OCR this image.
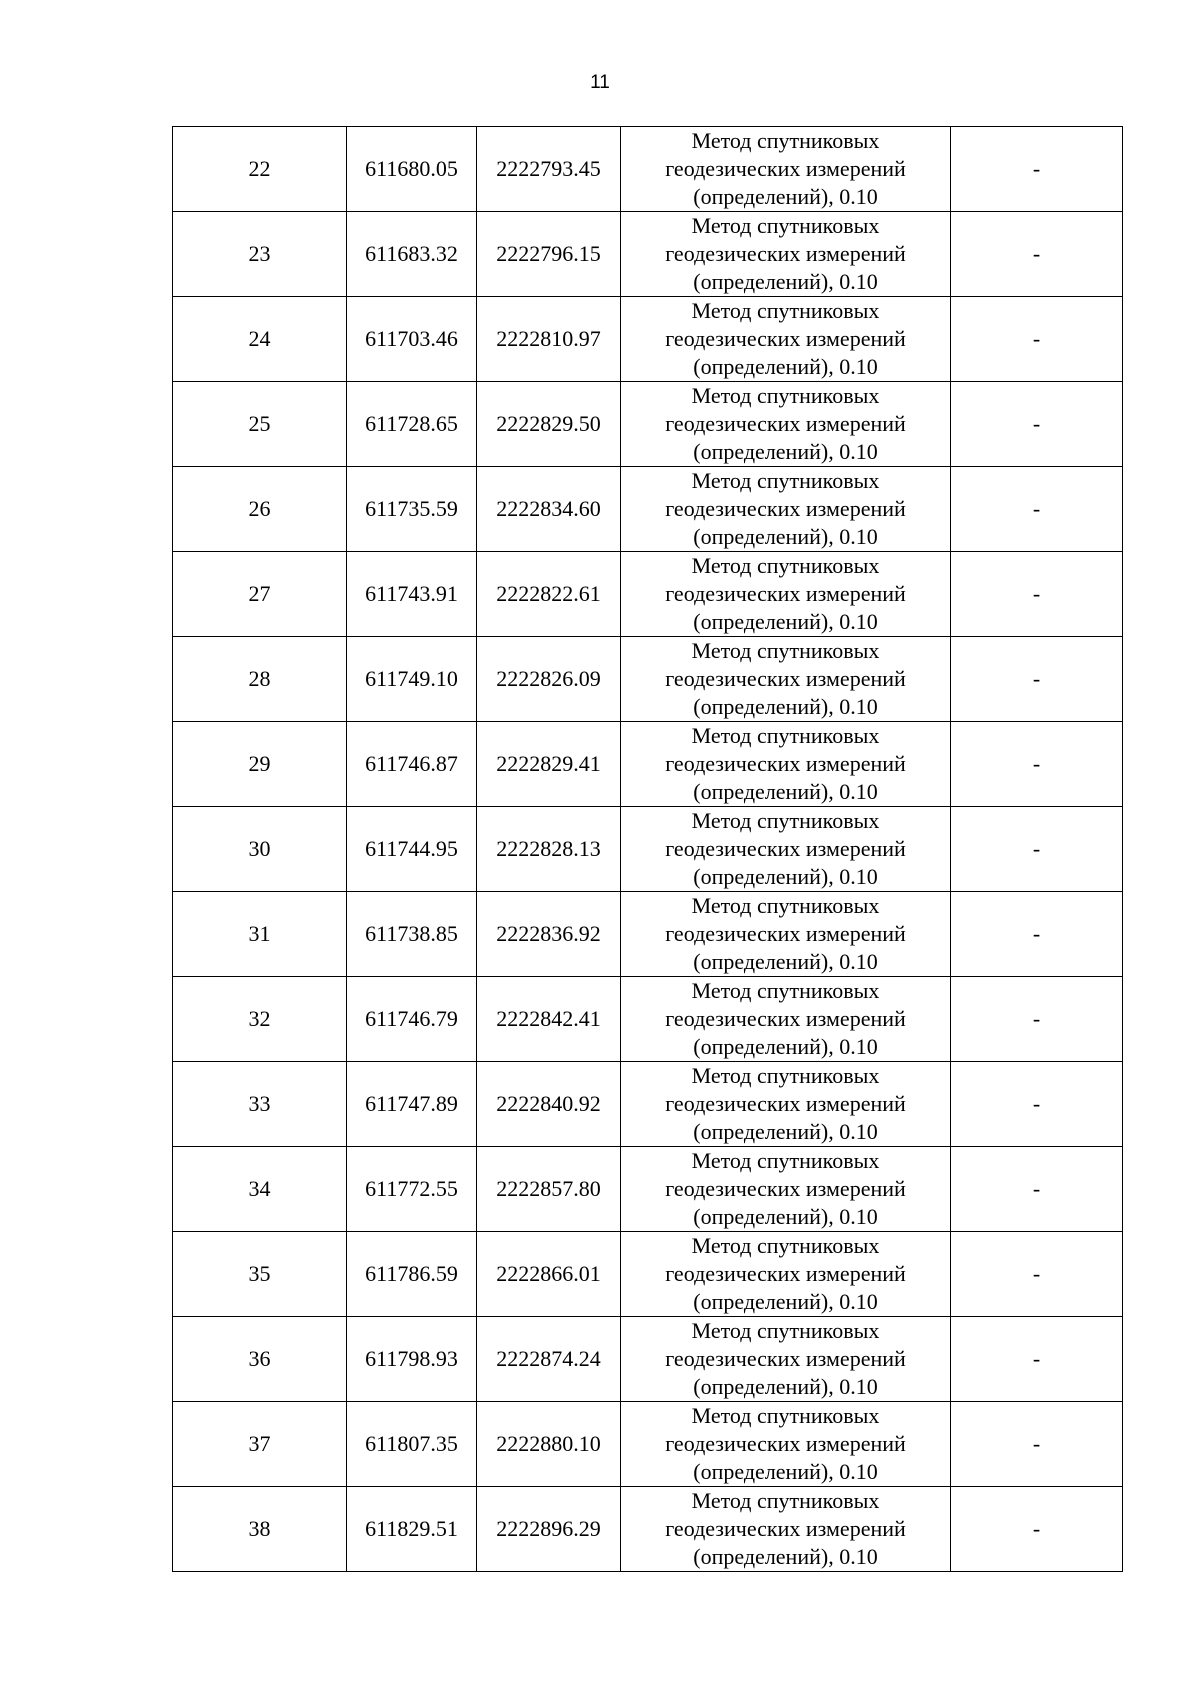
11
22	611680.05	2222793.45	Метод спутниковых
геодезических измерений
(определений), 0.10	-
23	611683.32	2222796.15	Метод спутниковых
геодезических измерений
(определений), 0.10	-
24	611703.46	2222810.97	Метод спутниковых
геодезических измерений
(определений), 0.10	-
25	611728.65	2222829.50	Метод спутниковых
геодезических измерений
(определений), 0.10	-
26	611735.59	2222834.60	Метод спутниковых
геодезических измерений
(определений), 0.10	-
27	611743.91	2222822.61	Метод спутниковых
геодезических измерений
(определений), 0.10	-
28	611749.10	2222826.09	Метод спутниковых
геодезических измерений
(определений), 0.10	-
29	611746.87	2222829.41	Метод спутниковых
геодезических измерений
(определений), 0.10	-
30	611744.95	2222828.13	Метод спутниковых
геодезических измерений
(определений), 0.10	-
31	611738.85	2222836.92	Метод спутниковых
геодезических измерений
(определений), 0.10	-
32	611746.79	2222842.41	Метод спутниковых
геодезических измерений
(определений), 0.10	-
33	611747.89	2222840.92	Метод спутниковых
геодезических измерений
(определений), 0.10	-
34	611772.55	2222857.80	Метод спутниковых
геодезических измерений
(определений), 0.10	-
35	611786.59	2222866.01	Метод спутниковых
геодезических измерений
(определений), 0.10	-
36	611798.93	2222874.24	Метод спутниковых
геодезических измерений
(определений), 0.10	-
37	611807.35	2222880.10	Метод спутниковых
геодезических измерений
(определений), 0.10	-
38	611829.51	2222896.29	Метод спутниковых
геодезических измерений
(определений), 0.10	-
